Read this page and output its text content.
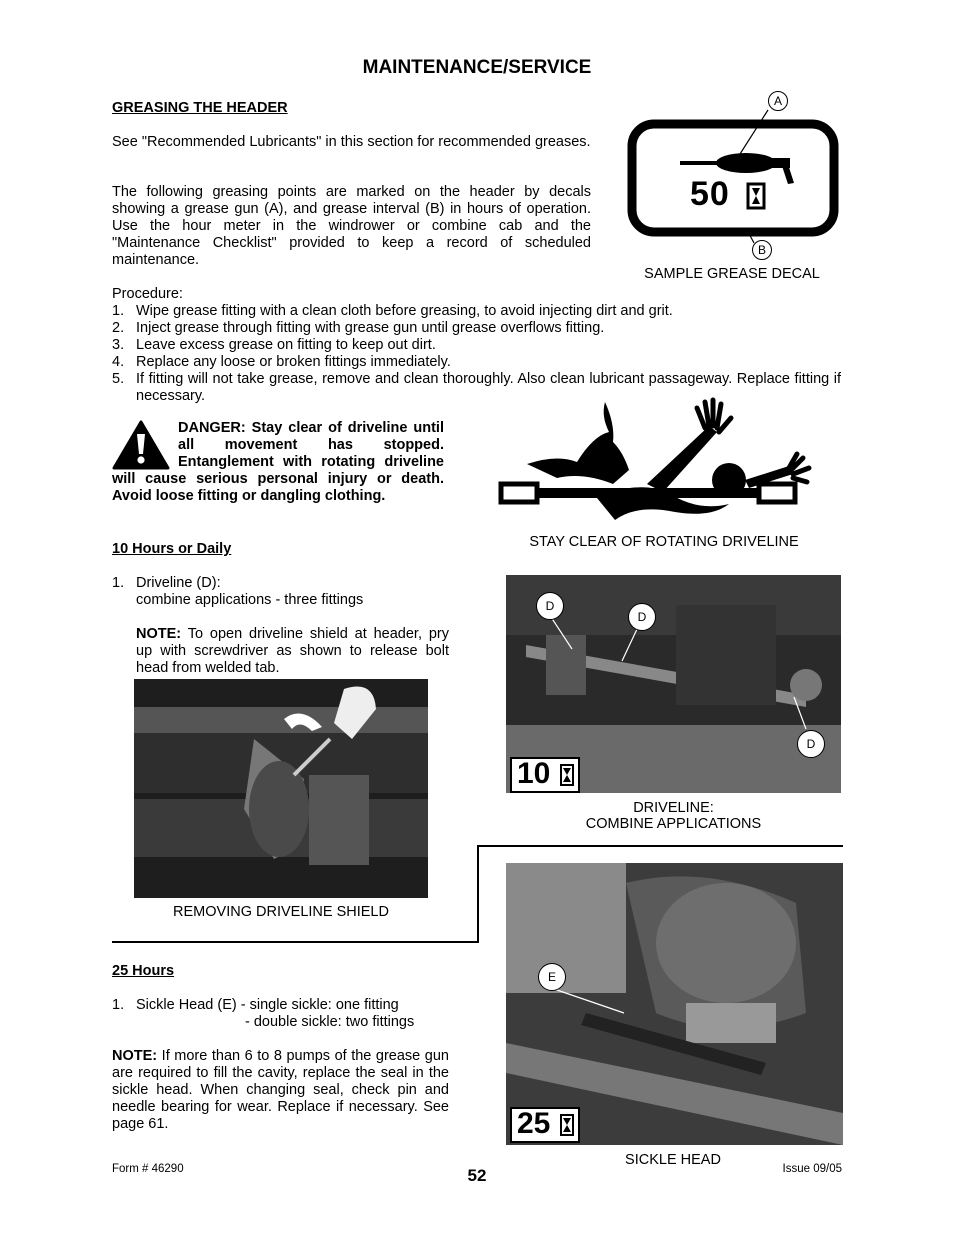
MAINTENANCE/SERVICE
GREASING THE HEADER
See "Recommended Lubricants" in this section for recommended greases.
The following greasing points are marked on the header by decals showing a grease gun (A), and grease interval (B) in hours of operation. Use the hour meter in the windrower or combine cab and the "Maintenance Checklist" provided to keep a record of scheduled maintenance.
50
A
B
SAMPLE GREASE DECAL
Procedure:
1. Wipe grease fitting with a clean cloth before greasing, to avoid injecting dirt and grit.
2. Inject grease through fitting with grease gun until grease overflows fitting.
3. Leave excess grease on fitting to keep out dirt.
4. Replace any loose or broken fittings immediately.
5. If fitting will not take grease, remove and clean thoroughly. Also clean lubricant passageway. Replace fitting if necessary.
DANGER: Stay clear of driveline until all movement has stopped. Entanglement with rotating driveline will cause serious personal injury or death. Avoid loose fitting or dangling clothing.
STAY CLEAR OF ROTATING DRIVELINE
10 Hours or Daily
1. Driveline (D):
combine applications - three fittings
NOTE: To open driveline shield at header, pry up with screwdriver as shown to release bolt head from welded tab.
REMOVING DRIVELINE SHIELD
D
D
D
10
DRIVELINE:
COMBINE APPLICATIONS
25 Hours
1. Sickle Head (E) - single sickle: one fitting
- double sickle: two fittings
NOTE: If more than 6 to 8 pumps of the grease gun are required to fill the cavity, replace the seal in the sickle head. When changing seal, check pin and needle bearing for wear. Replace if necessary. See page 61.
E
25
SICKLE HEAD
Form # 46290	52	Issue 09/05
